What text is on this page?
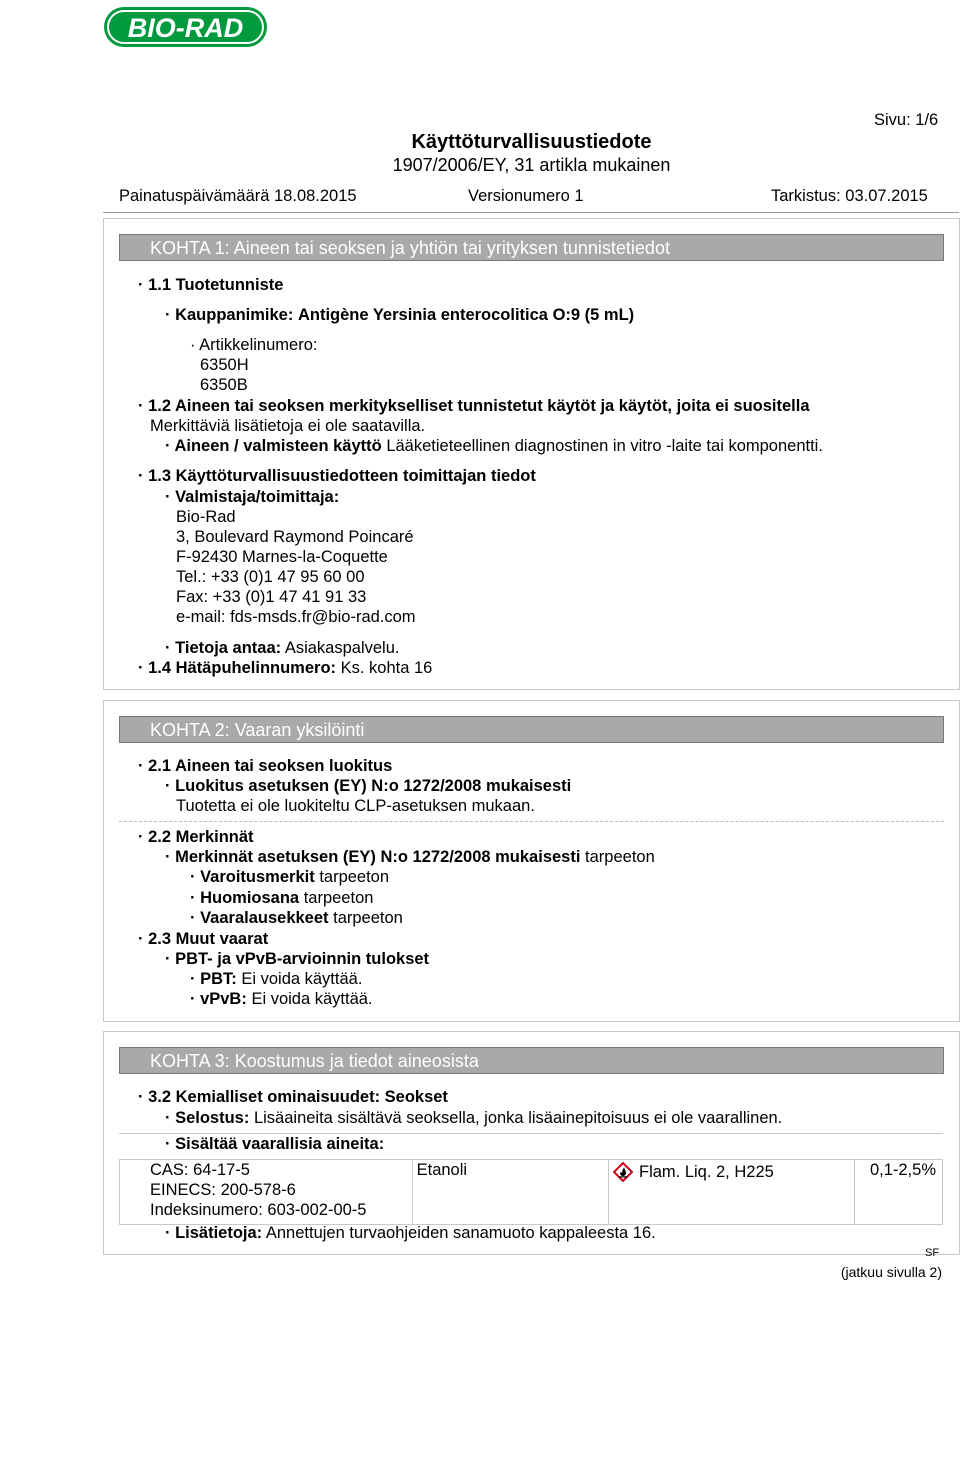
BIO-RAD
Sivu: 1/6
Käyttöturvallisuustiedote
1907/2006/EY, 31 artikla mukainen
Painatuspäivämäärä 18.08.2015	Versionumero 1	Tarkistus: 03.07.2015
KOHTA 1: Aineen tai seoksen ja yhtiön tai yrityksen tunnistetiedot
· 1.1 Tuotetunniste
· Kauppanimike: Antigène Yersinia enterocolitica O:9 (5 mL)
· Artikkelinumero:
6350H
6350B
· 1.2 Aineen tai seoksen merkitykselliset tunnistetut käytöt ja käytöt, joita ei suositella
Merkittäviä lisätietoja ei ole saatavilla.
· Aineen / valmisteen käyttö Lääketieteellinen diagnostinen in vitro -laite tai komponentti.
· 1.3 Käyttöturvallisuustiedotteen toimittajan tiedot
· Valmistaja/toimittaja:
Bio-Rad
3, Boulevard Raymond Poincaré
F-92430 Marnes-la-Coquette
Tel.: +33 (0)1 47 95 60 00
Fax: +33 (0)1 47 41 91 33
e-mail: fds-msds.fr@bio-rad.com
· Tietoja antaa: Asiakaspalvelu.
· 1.4 Hätäpuhelinnumero: Ks. kohta 16
KOHTA 2: Vaaran yksilöinti
· 2.1 Aineen tai seoksen luokitus
· Luokitus asetuksen (EY) N:o 1272/2008 mukaisesti
Tuotetta ei ole luokiteltu CLP-asetuksen mukaan.
· 2.2 Merkinnät
· Merkinnät asetuksen (EY) N:o 1272/2008 mukaisesti tarpeeton
· Varoitusmerkit tarpeeton
· Huomiosana tarpeeton
· Vaaralausekkeet tarpeeton
· 2.3 Muut vaarat
· PBT- ja vPvB-arvioinnin tulokset
· PBT: Ei voida käyttää.
· vPvB: Ei voida käyttää.
KOHTA 3: Koostumus ja tiedot aineosista
· 3.2 Kemialliset ominaisuudet: Seokset
· Selostus: Lisäaineita sisältävä seoksella, jonka lisäainepitoisuus ei ole vaarallinen.
· Sisältää vaarallisia aineita:
CAS: 64-17-5
EINECS: 200-578-6
Indeksinumero: 603-002-00-5
	Etanoli	Flam. Liq. 2, H225	0,1-2,5%
· Lisätietoja: Annettujen turvaohjeiden sanamuoto kappaleesta 16.
SF
(jatkuu sivulla 2)
